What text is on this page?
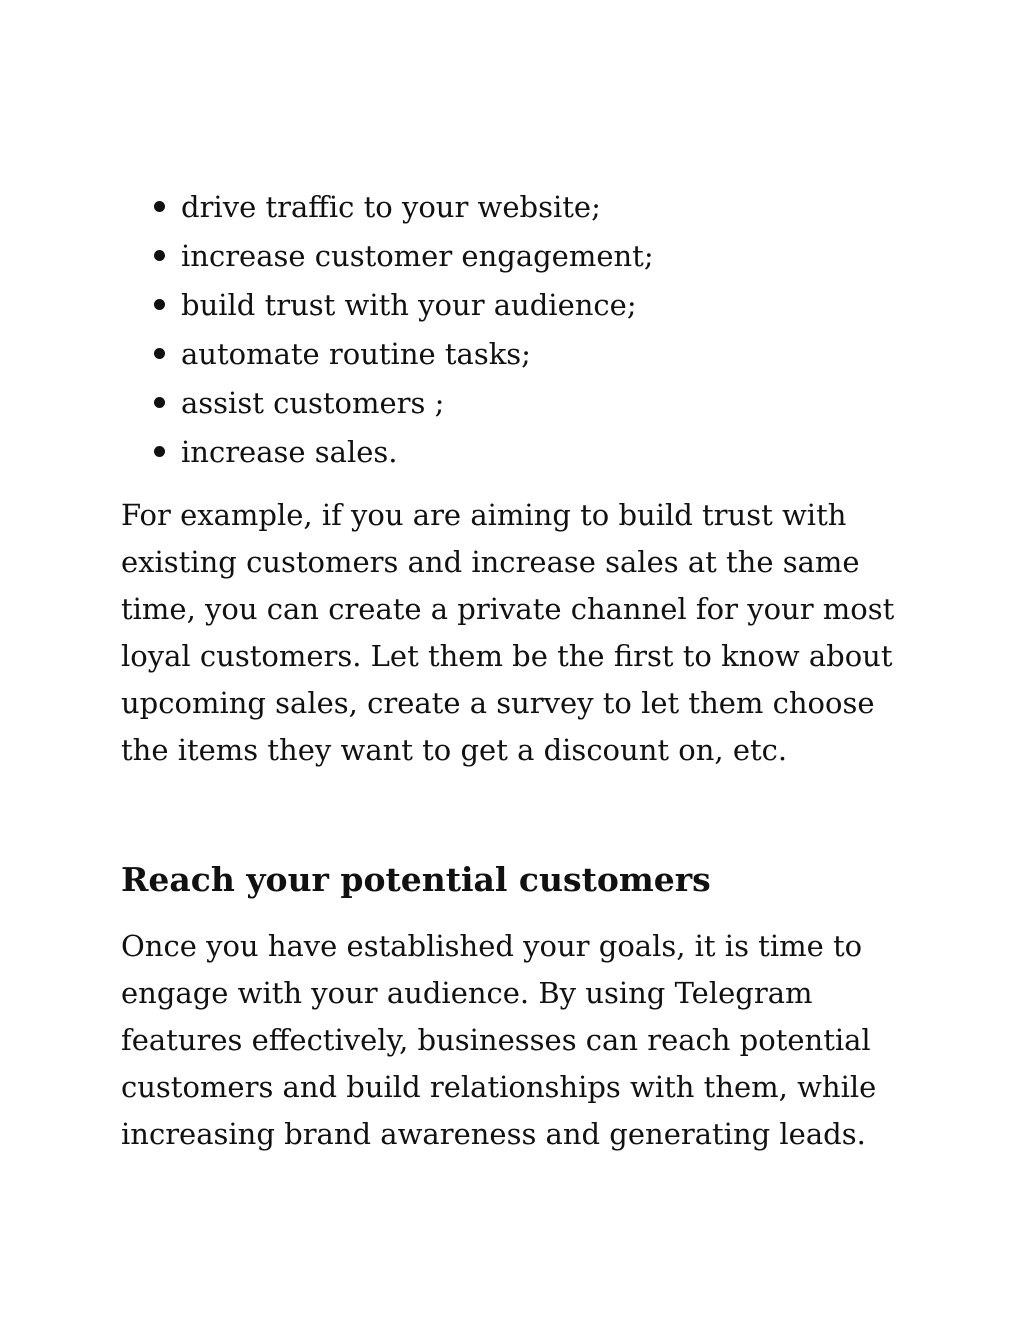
drive traffic to your website;
increase customer engagement;
build trust with your audience;
automate routine tasks;
assist customers ;
increase sales.

For example, if you are aiming to build trust with existing customers and increase sales at the same time, you can create a private channel for your most loyal customers. Let them be the first to know about upcoming sales, create a survey to let them choose the items they want to get a discount on, etc.

Reach your potential customers

Once you have established your goals, it is time to engage with your audience. By using Telegram features effectively, businesses can reach potential customers and build relationships with them, while increasing brand awareness and generating leads.
